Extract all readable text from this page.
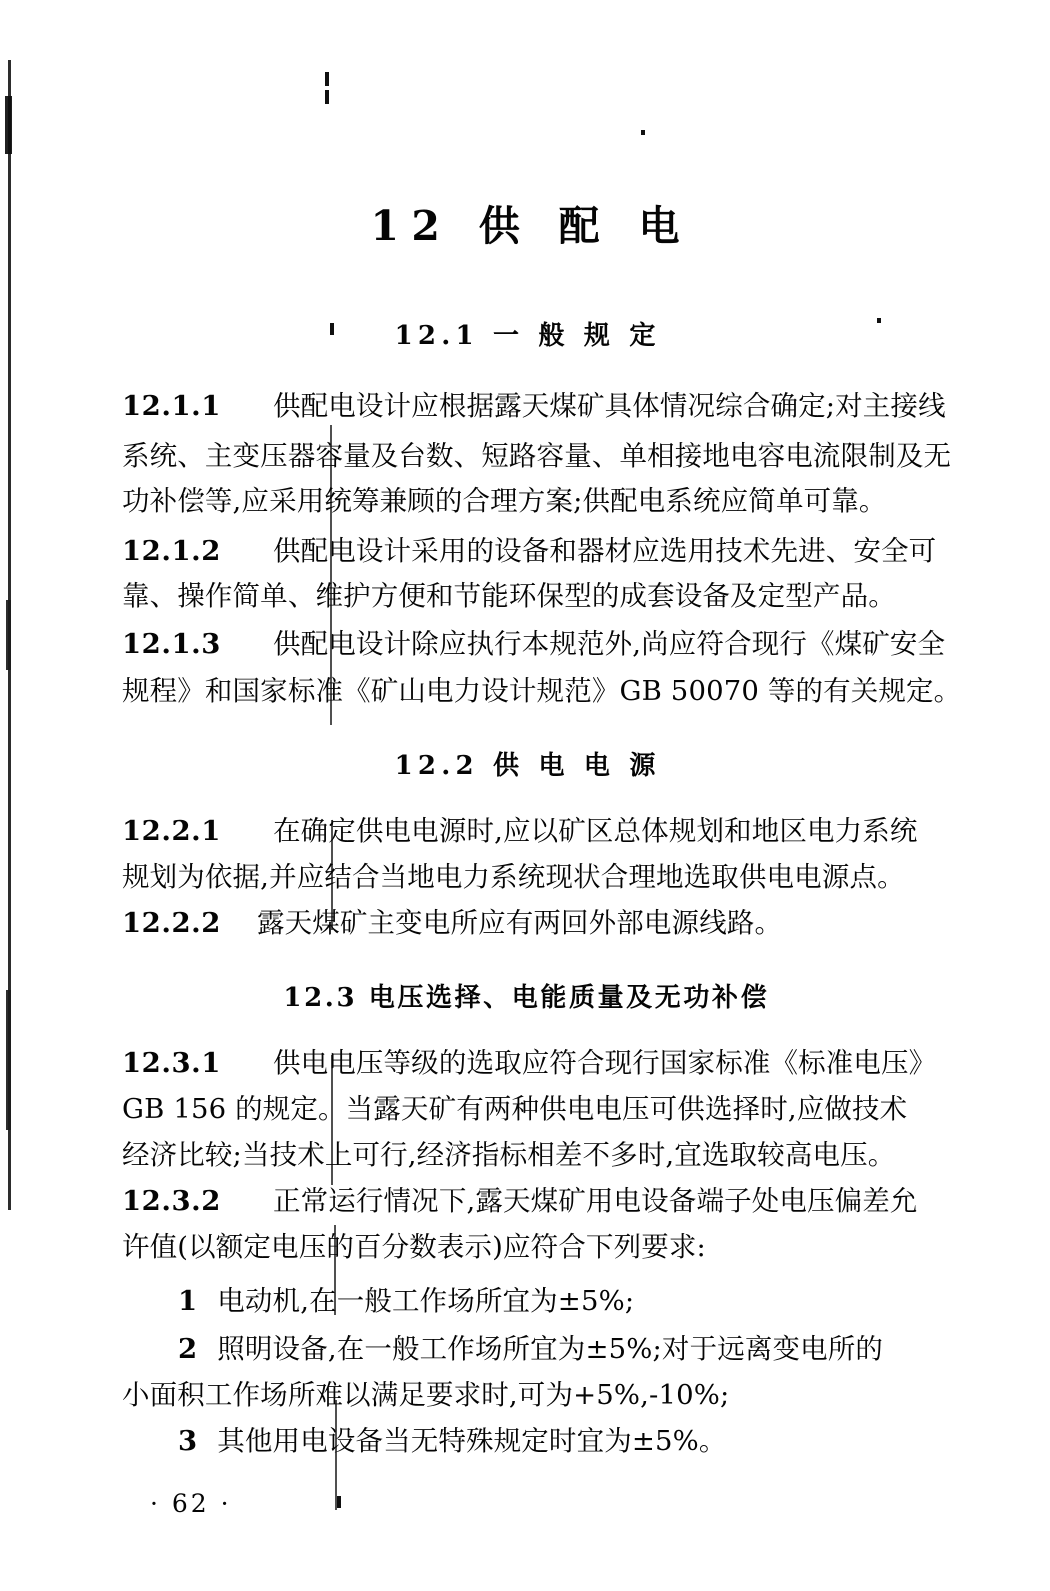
12 供 配 电
12.1 一 般 规 定
12.1.1 供配电设计应根据露天煤矿具体情况综合确定;对主接线
系统、主变压器容量及台数、短路容量、单相接地电容电流限制及无
功补偿等,应采用统筹兼顾的合理方案;供配电系统应简单可靠。
12.1.2 供配电设计采用的设备和器材应选用技术先进、安全可
靠、操作简单、维护方便和节能环保型的成套设备及定型产品。
12.1.3 供配电设计除应执行本规范外,尚应符合现行《煤矿安全
规程》和国家标准《矿山电力设计规范》GB 50070 等的有关规定。
12.2 供 电 电 源
12.2.1 在确定供电电源时,应以矿区总体规划和地区电力系统
规划为依据,并应结合当地电力系统现状合理地选取供电电源点。
12.2.2 露天煤矿主变电所应有两回外部电源线路。
12.3 电压选择、电能质量及无功补偿
12.3.1 供电电压等级的选取应符合现行国家标准《标准电压》
GB 156 的规定。当露天矿有两种供电电压可供选择时,应做技术
经济比较;当技术上可行,经济指标相差不多时,宜选取较高电压。
12.3.2 正常运行情况下,露天煤矿用电设备端子处电压偏差允
许值(以额定电压的百分数表示)应符合下列要求:
1 电动机,在一般工作场所宜为±5%;
2 照明设备,在一般工作场所宜为±5%;对于远离变电所的
小面积工作场所难以满足要求时,可为+5%,-10%;
3 其他用电设备当无特殊规定时宜为±5%。
· 62 ·
